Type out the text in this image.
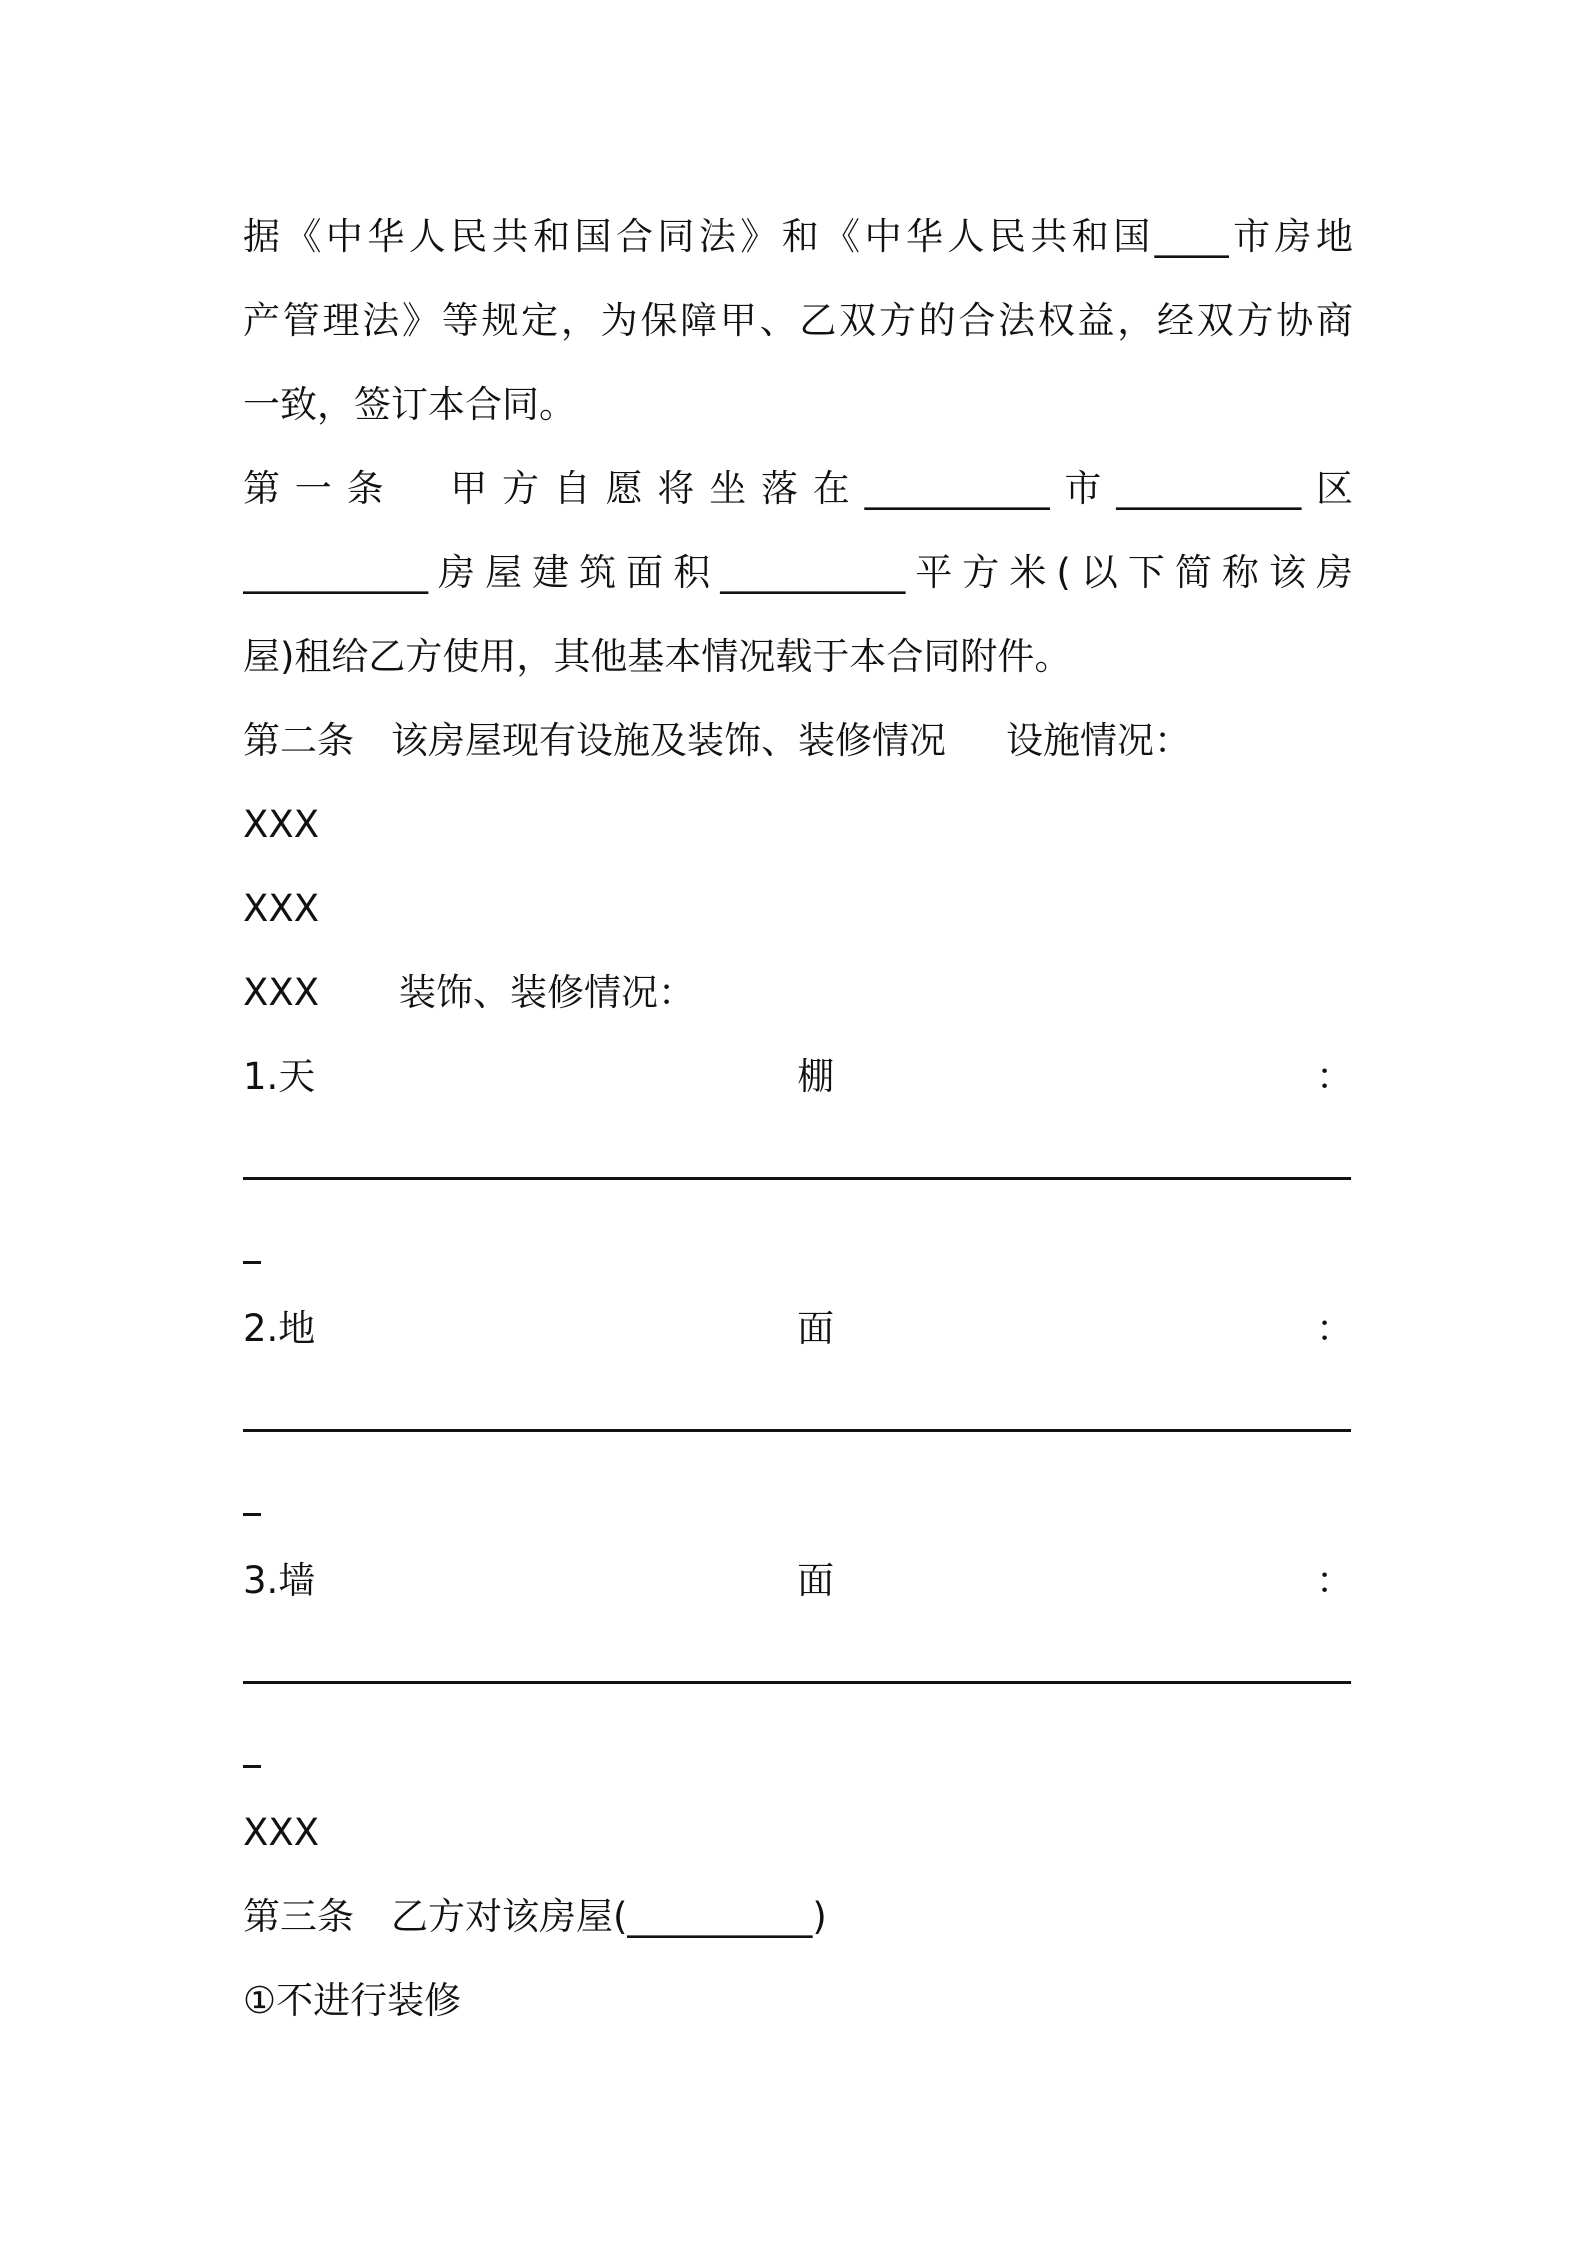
据《中华人民共和国合同法》和《中华人民共和国____市房地
产管理法》等规定，为保障甲、乙双方的合法权益，经双方协商
一致，签订本合同。
第一条　甲方自愿将坐落在__________市__________区
__________房屋建筑面积__________平方米(以下简称该房
屋)租给乙方使用，其他基本情况载于本合同附件。
第二条　该房屋现有设施及装饰、装修情况 设施情况：
XXX
XXX
XXX 装饰、装修情况：
1.天	棚	：
2.地	面	：
3.墙	面	：
XXX
第三条　乙方对该房屋(__________)
①不进行装修
